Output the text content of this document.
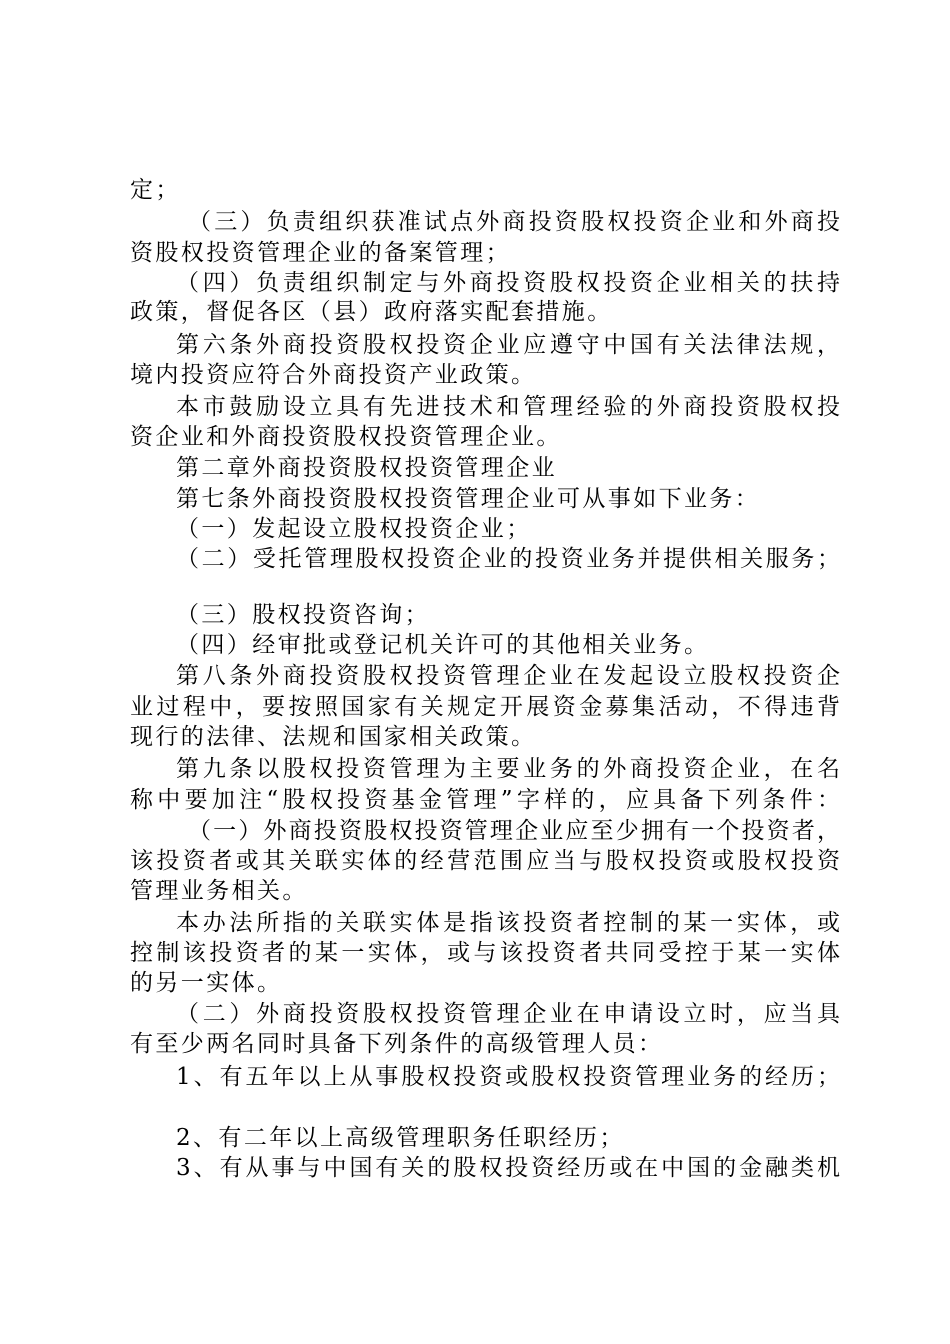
定；
（三）负责组织获准试点外商投资股权投资企业和外商投
资股权投资管理企业的备案管理；
（四）负责组织制定与外商投资股权投资企业相关的扶持
政策，督促各区（县）政府落实配套措施。
第六条外商投资股权投资企业应遵守中国有关法律法规，
境内投资应符合外商投资产业政策。
本市鼓励设立具有先进技术和管理经验的外商投资股权投
资企业和外商投资股权投资管理企业。
第二章外商投资股权投资管理企业
第七条外商投资股权投资管理企业可从事如下业务：
（一）发起设立股权投资企业；
（二）受托管理股权投资企业的投资业务并提供相关服务；
（三）股权投资咨询；
（四）经审批或登记机关许可的其他相关业务。
第八条外商投资股权投资管理企业在发起设立股权投资企
业过程中，要按照国家有关规定开展资金募集活动，不得违背
现行的法律、法规和国家相关政策。
第九条以股权投资管理为主要业务的外商投资企业，在名
称中要加注“股权投资基金管理”字样的，应具备下列条件：
（一）外商投资股权投资管理企业应至少拥有一个投资者，
该投资者或其关联实体的经营范围应当与股权投资或股权投资
管理业务相关。
本办法所指的关联实体是指该投资者控制的某一实体，或
控制该投资者的某一实体，或与该投资者共同受控于某一实体
的另一实体。
（二）外商投资股权投资管理企业在申请设立时，应当具
有至少两名同时具备下列条件的高级管理人员：
1、有五年以上从事股权投资或股权投资管理业务的经历；
2、有二年以上高级管理职务任职经历；
3、有从事与中国有关的股权投资经历或在中国的金融类机
